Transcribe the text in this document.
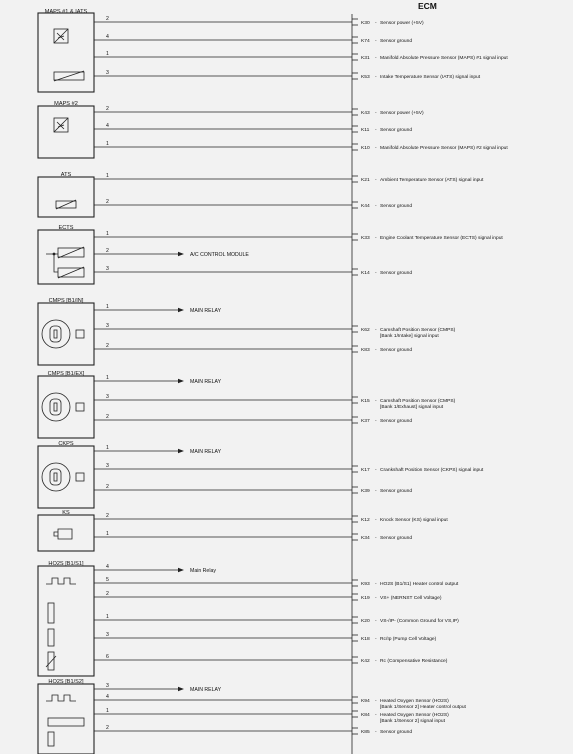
ECM
MAPS #1 & IATS
2
K30 - Sensor power (+5V)
4
K74 - Sensor ground
1
K31 - Manifold Absolute Pressure Sensor (MAPS) #1 signal input
3
K53 - Intake Temperature Sensor (IATS) signal input
MAPS #2
2
K43 - Sensor power (+5V)
4
K11 - Sensor ground
1
K10 - Manifold Absolute Pressure Sensor (MAPS) #2 signal input
ATS	1
K21 - Ambient Temperature Sensor (ATS) signal input
2
K44 - Sensor ground
ECTS
1
K33 - Engine Coolant Temperature Sensor (ECTS) signal input
2
A/C CONTROL MODULE
3
K14 - Sensor ground
CMPS [B1/IN]
1
MAIN RELAY
3
K62 - Camshaft Position Sensor (CMPS)
[Bank 1/Intake] signal input
2
K83 - Sensor ground
CMPS [B1/EX]
1
MAIN RELAY
3
K15 - Camshaft Position Sensor (CMPS)
[Bank 1/Exhaust] signal input
2
K37 - Sensor ground
CKPS
1
MAIN RELAY
3
K17 - Crankshaft Position Sensor (CKPS) signal input
2
K39 - Sensor ground
KS	2
K12 - Knock Sensor (KS) signal input
1
K34 - Sensor ground
HO2S [B1/S1]	4
Main Relay
5
K93 - HO2S (B1/S1) Heater control output
2
K19 - VS+ (NERNST Cell Voltage)
1
K20 - VS-/IP- (Common Ground for VS,IP)
3
K18 - Rc/Ip (Pump Cell Voltage)
6
K42 - Rc (Compensative Resistance)
HO2S [B1/S2]
3
MAIN RELAY
4
K94 - Heated Oxygen Sensor (HO2S)
[Bank 1/Sensor 2] Heater control output
1
K84 - Heated Oxygen Sensor (HO2S)
[Bank 1/Sensor 2] signal input
2
K85 - Sensor ground
